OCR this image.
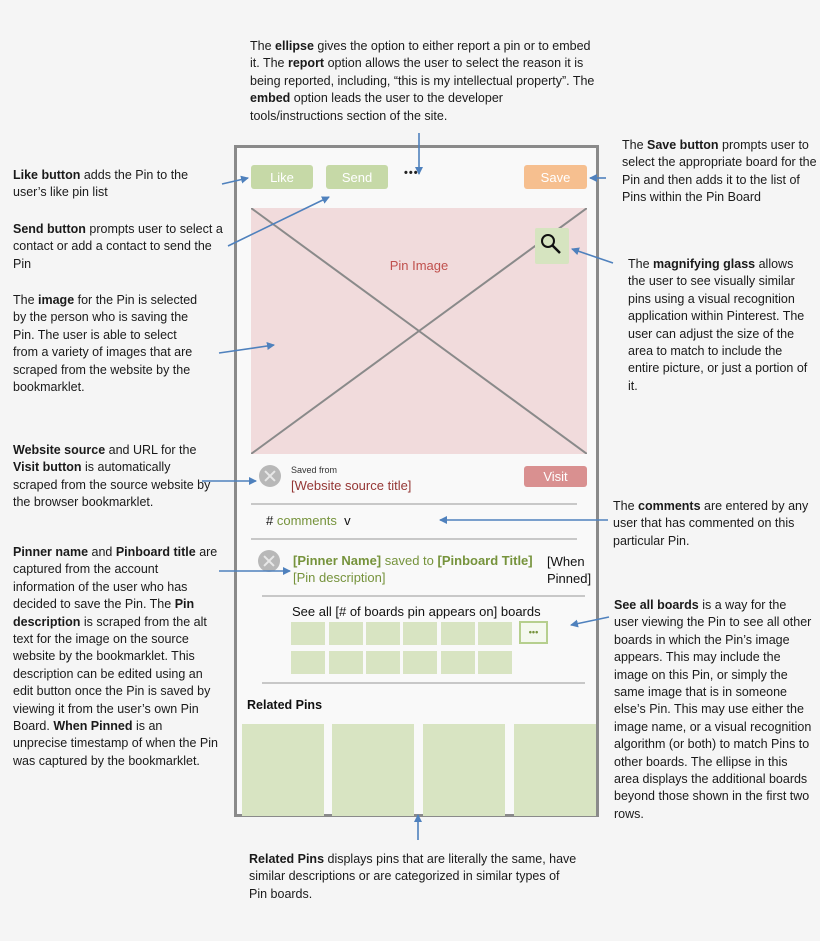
The ellipse gives the option to either report a pin or to embed it. The report option allows the user to select the reason it is being reported, including, “this is my intellectual property”. The embed option leads the user to the developer tools/instructions section of the site.
Like button adds the Pin to the user’s like pin list
Send button prompts user to select a contact or add a contact to send the Pin
The image for the Pin is selected by the person who is saving the Pin. The user is able to select from a variety of images that are scraped from the website by the bookmarklet.
Website source and URL for the Visit button is automatically scraped from the source website by the browser bookmarklet.
Pinner name and Pinboard title are captured from the account information of the user who has decided to save the Pin. The Pin description is scraped from the alt text for the image on the source website by the bookmarklet. This description can be edited using an edit button once the Pin is saved by viewing it from the user’s own Pin Board. When Pinned is an unprecise timestamp of when the Pin was captured by the bookmarklet.
The Save button prompts user to select the appropriate board for the Pin and then adds it to the list of Pins within the Pin Board
The magnifying glass allows the user to see visually similar pins using a visual recognition application within Pinterest. The user can adjust the size of the area to match to include the entire picture, or just a portion of it.
The comments are entered by any user that has commented on this particular Pin.
See all boards is a way for the user viewing the Pin to see all other boards in which the Pin’s image appears. This may include the image on this Pin, or simply the same image that is in someone else’s Pin. This may use either the image name, or a visual recognition algorithm (or both) to match Pins to other boards. The ellipse in this area displays the additional boards beyond those shown in the first two rows.
Related Pins displays pins that are literally the same, have similar descriptions or are categorized in similar types of Pin boards.
Like	Send	•••	Save
Pin Image
Saved from
[Website source title]
Visit
# comments v
[Pinner Name] saved to [Pinboard Title]
[Pin description]
[When
Pinned]
See all [# of boards pin appears on] boards
•••
Related Pins
